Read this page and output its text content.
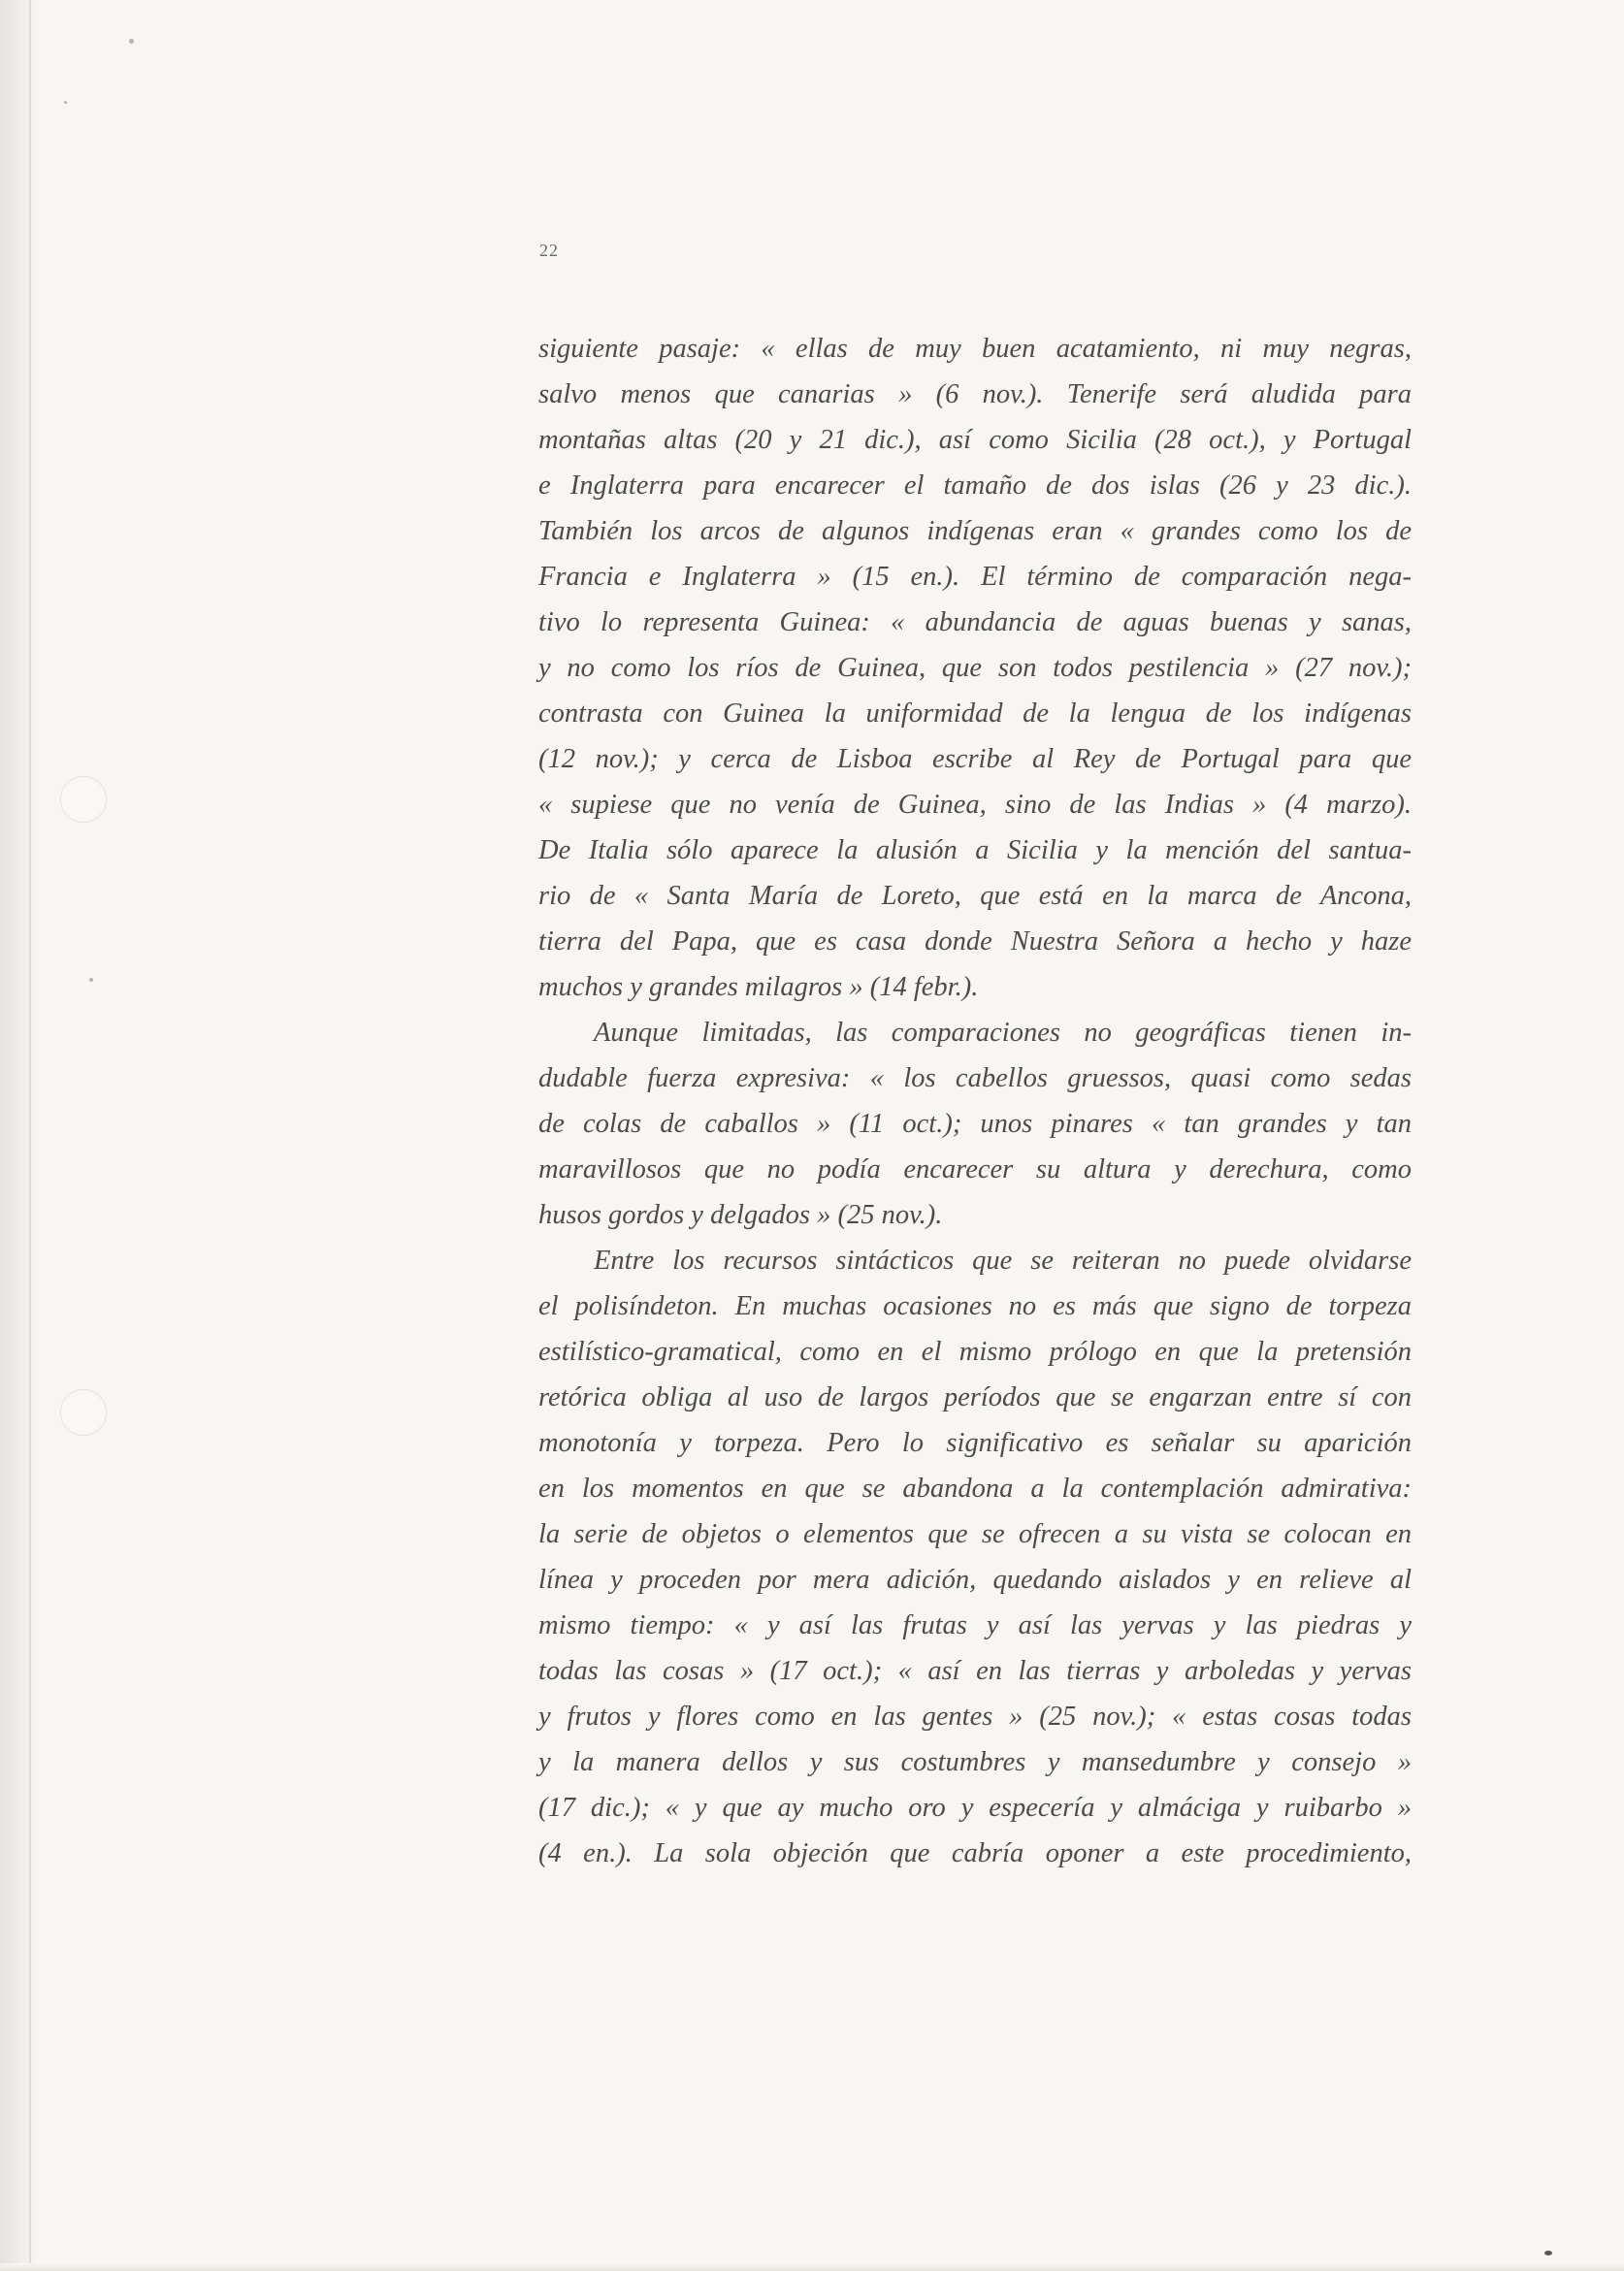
22
siguiente pasaje: « ellas de muy buen acatamiento, ni muy negras,
salvo menos que canarias » (6 nov.). Tenerife será aludida para
montañas altas (20 y 21 dic.), así como Sicilia (28 oct.), y Portugal
e Inglaterra para encarecer el tamaño de dos islas (26 y 23 dic.).
También los arcos de algunos indígenas eran « grandes como los de
Francia e Inglaterra » (15 en.). El término de comparación nega-
tivo lo representa Guinea: « abundancia de aguas buenas y sanas,
y no como los ríos de Guinea, que son todos pestilencia » (27 nov.);
contrasta con Guinea la uniformidad de la lengua de los indígenas
(12 nov.); y cerca de Lisboa escribe al Rey de Portugal para que
« supiese que no venía de Guinea, sino de las Indias » (4 marzo).
De Italia sólo aparece la alusión a Sicilia y la mención del santua-
rio de « Santa María de Loreto, que está en la marca de Ancona,
tierra del Papa, que es casa donde Nuestra Señora a hecho y haze
muchos y grandes milagros » (14 febr.).
Aunque limitadas, las comparaciones no geográficas tienen in-
dudable fuerza expresiva: « los cabellos gruessos, quasi como sedas
de colas de caballos » (11 oct.); unos pinares « tan grandes y tan
maravillosos que no podía encarecer su altura y derechura, como
husos gordos y delgados » (25 nov.).
Entre los recursos sintácticos que se reiteran no puede olvidarse
el polisíndeton. En muchas ocasiones no es más que signo de torpeza
estilístico-gramatical, como en el mismo prólogo en que la pretensión
retórica obliga al uso de largos períodos que se engarzan entre sí con
monotonía y torpeza. Pero lo significativo es señalar su aparición
en los momentos en que se abandona a la contemplación admirativa:
la serie de objetos o elementos que se ofrecen a su vista se colocan en
línea y proceden por mera adición, quedando aislados y en relieve al
mismo tiempo: « y así las frutas y así las yervas y las piedras y
todas las cosas » (17 oct.); « así en las tierras y arboledas y yervas
y frutos y flores como en las gentes » (25 nov.); « estas cosas todas
y la manera dellos y sus costumbres y mansedumbre y consejo »
(17 dic.); « y que ay mucho oro y especería y almáciga y ruibarbo »
(4 en.). La sola objeción que cabría oponer a este procedimiento,
